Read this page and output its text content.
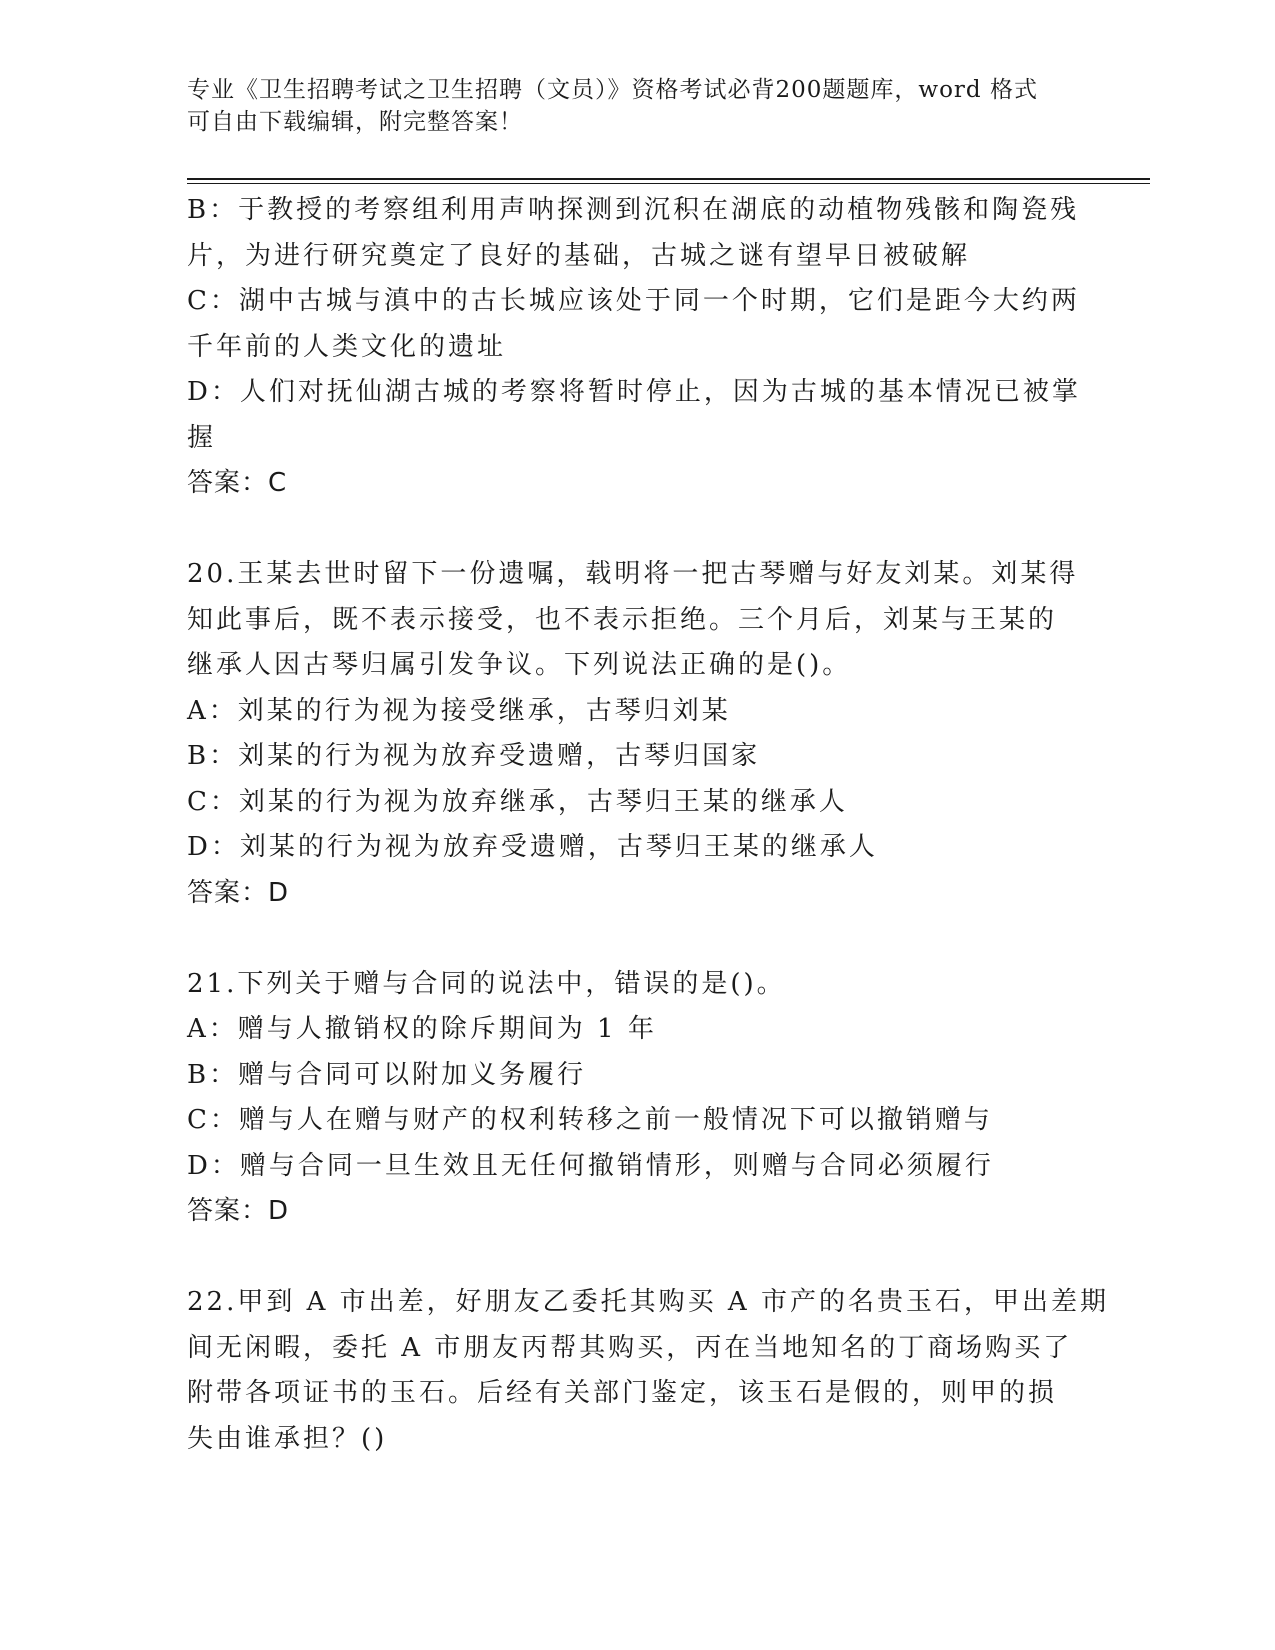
专业《卫生招聘考试之卫生招聘（文员）》资格考试必背200题题库，word 格式
可自由下载编辑，附完整答案！
B：于教授的考察组利用声呐探测到沉积在湖底的动植物残骸和陶瓷残
片，为进行研究奠定了良好的基础，古城之谜有望早日被破解
C：湖中古城与滇中的古长城应该处于同一个时期，它们是距今大约两
千年前的人类文化的遗址
D：人们对抚仙湖古城的考察将暂时停止，因为古城的基本情况已被掌
握
答案：C
20.王某去世时留下一份遗嘱，载明将一把古琴赠与好友刘某。刘某得
知此事后，既不表示接受，也不表示拒绝。三个月后，刘某与王某的
继承人因古琴归属引发争议。下列说法正确的是()。
A：刘某的行为视为接受继承，古琴归刘某
B：刘某的行为视为放弃受遗赠，古琴归国家
C：刘某的行为视为放弃继承，古琴归王某的继承人
D：刘某的行为视为放弃受遗赠，古琴归王某的继承人
答案：D
21.下列关于赠与合同的说法中，错误的是()。
A：赠与人撤销权的除斥期间为 1 年
B：赠与合同可以附加义务履行
C：赠与人在赠与财产的权利转移之前一般情况下可以撤销赠与
D：赠与合同一旦生效且无任何撤销情形，则赠与合同必须履行
答案：D
22.甲到 A 市出差，好朋友乙委托其购买 A 市产的名贵玉石，甲出差期
间无闲暇，委托 A 市朋友丙帮其购买，丙在当地知名的丁商场购买了
附带各项证书的玉石。后经有关部门鉴定，该玉石是假的，则甲的损
失由谁承担？()
